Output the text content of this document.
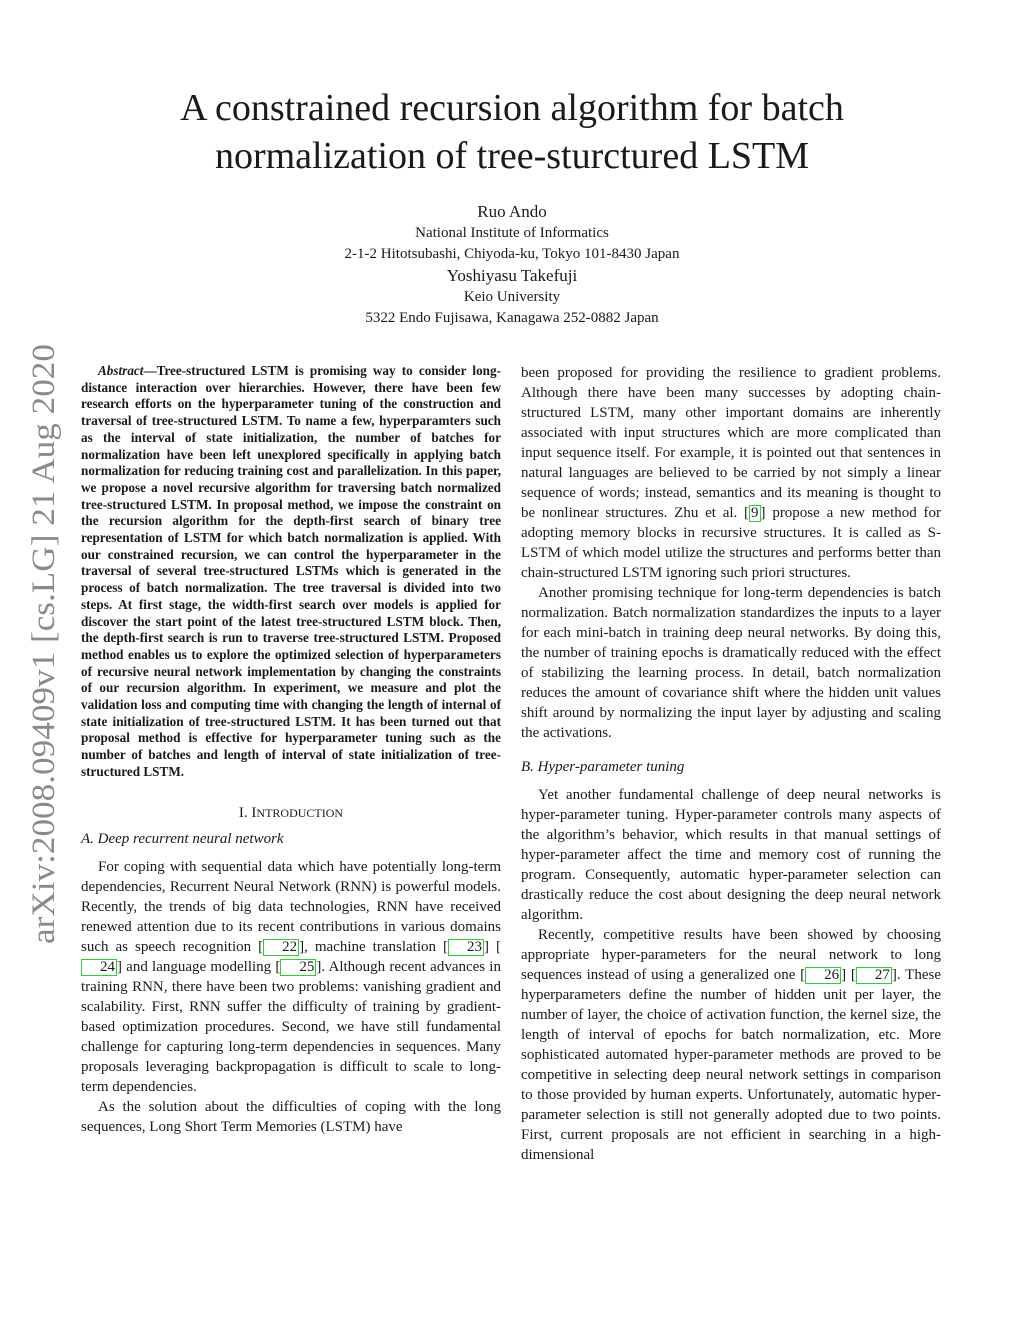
A constrained recursion algorithm for batch
normalization of tree-sturctured LSTM
Ruo Ando
National Institute of Informatics
2-1-2 Hitotsubashi, Chiyoda-ku, Tokyo 101-8430 Japan
Yoshiyasu Takefuji
Keio University
5322 Endo Fujisawa, Kanagawa 252-0882 Japan
arXiv:2008.09409v1 [cs.LG] 21 Aug 2020

Abstract—Tree-structured LSTM is promising way to consider long-distance interaction over hierarchies. However, there have been few research efforts on the hyperparameter tuning of the construction and traversal of tree-structured LSTM. To name a few, hyperparamters such as the interval of state initialization, the number of batches for normalization have been left unexplored specifically in applying batch normalization for reducing training cost and parallelization. In this paper, we propose a novel recursive algorithm for traversing batch normalized tree-structured LSTM. In proposal method, we impose the constraint on the recursion algorithm for the depth-first search of binary tree representation of LSTM for which batch normalization is applied. With our constrained recursion, we can control the hyperparameter in the traversal of several tree-structured LSTMs which is generated in the process of batch normalization. The tree traversal is divided into two steps. At first stage, the width-first search over models is applied for discover the start point of the latest tree-structured LSTM block. Then, the depth-first search is run to traverse tree-structured LSTM. Proposed method enables us to explore the optimized selection of hyperparameters of recursive neural network implementation by changing the constraints of our recursion algorithm. In experiment, we measure and plot the validation loss and computing time with changing the length of internal of state initialization of tree-structured LSTM. It has been turned out that proposal method is effective for hyperparameter tuning such as the number of batches and length of interval of state initialization of tree-structured LSTM.

I. INTRODUCTION
A. Deep recurrent neural network

For coping with sequential data which have potentially long-term dependencies, Recurrent Neural Network (RNN) is powerful models. Recently, the trends of big data technologies, RNN have received renewed attention due to its recent contributions in various domains such as speech recognition [ 22 ], machine translation [ 23 ] [24 ] and language modelling [ 25 ]. Although recent advances in training RNN, there have been two problems: vanishing gradient and scalability. First, RNN suffer the difficulty of training by gradient-based optimization procedures. Second, we have still fundamental challenge for capturing long-term dependencies in sequences. Many proposals leveraging backpropagation is difficult to scale to long-term dependencies.

As the solution about the difficulties of coping with the long sequences, Long Short Term Memories (LSTM) have

been proposed for providing the resilience to gradient problems. Although there have been many successes by adopting chain-structured LSTM, many other important domains are inherently associated with input structures which are more complicated than input sequence itself. For example, it is pointed out that sentences in natural languages are believed to be carried by not simply a linear sequence of words; instead, semantics and its meaning is thought to be nonlinear structures. Zhu et al. [ 9 ] propose a new method for adopting memory blocks in recursive structures. It is called as S-LSTM of which model utilize the structures and performs better than chain-structured LSTM ignoring such priori structures.

Another promising technique for long-term dependencies is batch normalization. Batch normalization standardizes the inputs to a layer for each mini-batch in training deep neural networks. By doing this, the number of training epochs is dramatically reduced with the effect of stabilizing the learning process. In detail, batch normalization reduces the amount of covariance shift where the hidden unit values shift around by normalizing the input layer by adjusting and scaling the activations.

B. Hyper-parameter tuning

Yet another fundamental challenge of deep neural networks is hyper-parameter tuning. Hyper-parameter controls many aspects of the algorithm’s behavior, which results in that manual settings of hyper-parameter affect the time and memory cost of running the program. Consequently, automatic hyper-parameter selection can drastically reduce the cost about designing the deep neural network algorithm.

Recently, competitive results have been showed by choosing appropriate hyper-parameters for the neural network to long sequences instead of using a generalized one [ 26 ] [ 27 ]. These hyperparameters define the number of hidden unit per layer, the number of layer, the choice of activation function, the kernel size, the length of interval of epochs for batch normalization, etc. More sophisticated automated hyper-parameter methods are proved to be competitive in selecting deep neural network settings in comparison to those provided by human experts. Unfortunately, automatic hyper-parameter selection is still not generally adopted due to two points. First, current proposals are not efficient in searching in a high-dimensional
